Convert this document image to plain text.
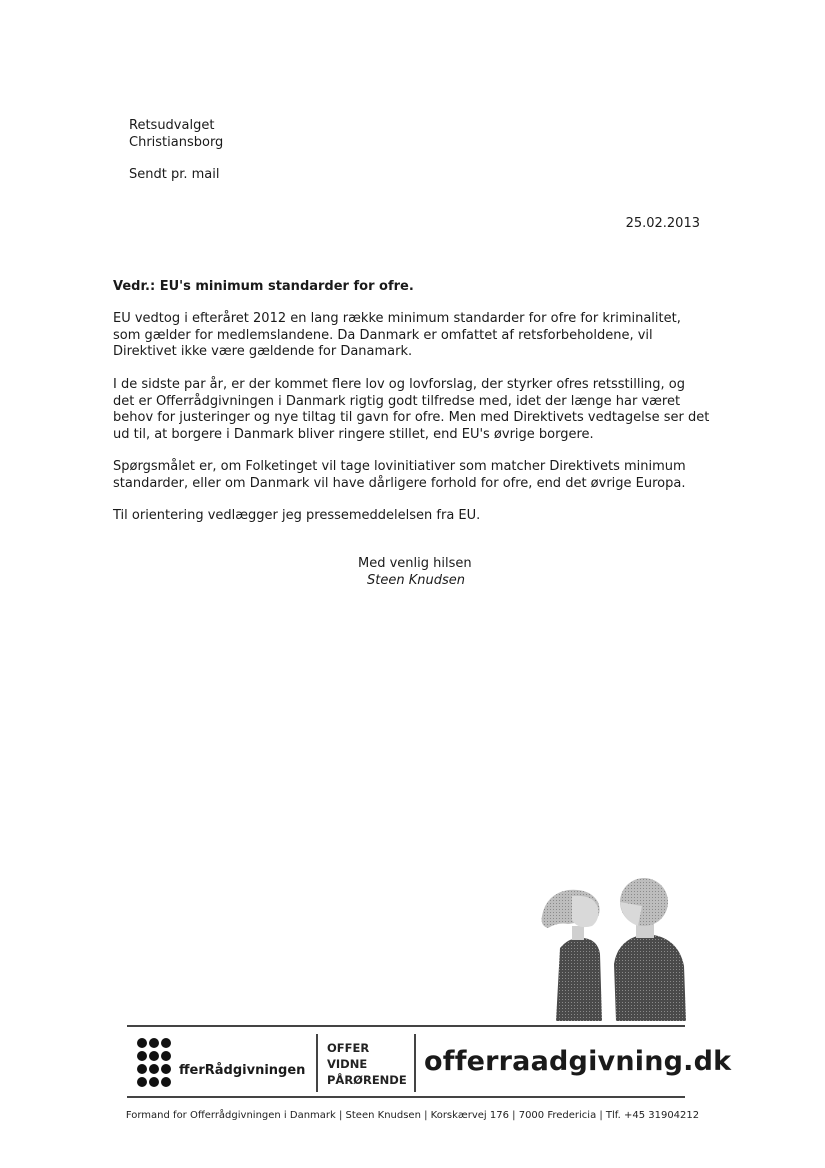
Retsudvalget
Christiansborg
Sendt pr. mail
25.02.2013
Vedr.: EU's minimum standarder for ofre.
EU vedtog i efteråret 2012 en lang række minimum standarder for ofre for kriminalitet,
som gælder for medlemslandene. Da Danmark er omfattet af retsforbeholdene, vil
Direktivet ikke være gældende for Danamark.
I de sidste par år, er der kommet flere lov og lovforslag, der styrker ofres retsstilling, og
det er Offerrådgivningen i Danmark rigtig godt tilfredse med, idet der længe har været
behov for justeringer og nye tiltag til gavn for ofre. Men med Direktivets vedtagelse ser det
ud til, at borgere i Danmark bliver ringere stillet, end EU's øvrige borgere.
Spørgsmålet er, om Folketinget vil tage lovinitiativer som matcher Direktivets minimum
standarder, eller om Danmark vil have dårligere forhold for ofre, end det øvrige Europa.
Til orientering vedlægger jeg pressemeddelelsen fra EU.
Med venlig hilsen
Steen Knudsen
fferRådgivningen
OFFER
VIDNE
PÅRØRENDE
offerraadgivning.dk
Formand for Offerrådgivningen i Danmark | Steen Knudsen | Korskærvej 176 | 7000 Fredericia | Tlf. +45 31904212
